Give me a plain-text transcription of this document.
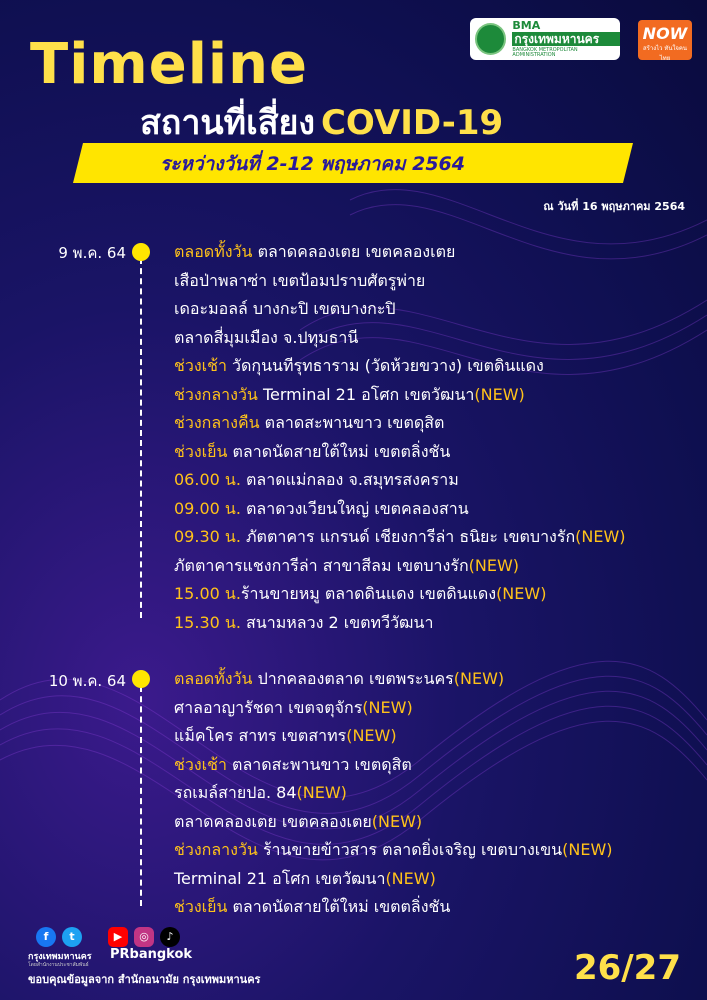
BMA
กรุงเทพมหานคร
BANGKOK METROPOLITAN ADMINISTRATION
NOW
สร้างไว ทันใจคนไทย
Timeline
สถานที่เสี่ยง COVID-19
ระหว่างวันที่ 2-12 พฤษภาคม 2564
ณ วันที่ 16 พฤษภาคม 2564
9 พ.ค. 64	ตลอดทั้งวัน ตลาดคลองเตย เขตคลองเตย
เสือป่าพลาซ่า เขตป้อมปราบศัตรูพ่าย
เดอะมอลล์ บางกะปิ เขตบางกะปิ
ตลาดสี่มุมเมือง จ.ปทุมธานี
ช่วงเช้า วัดกุนนทีรุทธาราม (วัดห้วยขวาง) เขตดินแดง
ช่วงกลางวัน Terminal 21 อโศก เขตวัฒนา(NEW)
ช่วงกลางคืน ตลาดสะพานขาว เขตดุสิต
ช่วงเย็น ตลาดนัดสายใต้ใหม่ เขตตลิ่งชัน
06.00 น. ตลาดแม่กลอง จ.สมุทรสงคราม
09.00 น. ตลาดวงเวียนใหญ่ เขตคลองสาน
09.30 น. ภัตตาคาร แกรนด์ เชียงการีล่า ธนิยะ เขตบางรัก(NEW)
ภัตตาคารแชงการีล่า สาขาสีลม เขตบางรัก(NEW)
15.00 น.ร้านขายหมู ตลาดดินแดง เขตดินแดง(NEW)
15.30 น. สนามหลวง 2 เขตทวีวัฒนา
10 พ.ค. 64	ตลอดทั้งวัน ปากคลองตลาด เขตพระนคร(NEW)
ศาลอาญารัชดา เขตจตุจักร(NEW)
แม็คโคร สาทร เขตสาทร(NEW)
ช่วงเช้า ตลาดสะพานขาว เขตดุสิต
รถเมล์สายปอ. 84(NEW)
ตลาดคลองเตย เขตคลองเตย(NEW)
ช่วงกลางวัน ร้านขายข้าวสาร ตลาดยิ่งเจริญ เขตบางเขน(NEW)
Terminal 21 อโศก เขตวัฒนา(NEW)
ช่วงเย็น ตลาดนัดสายใต้ใหม่ เขตตลิ่งชัน
f	t	▶	◎	♪
กรุงเทพมหานคร
โดยสำนักงานประชาสัมพันธ์
PRbangkok
ขอบคุณข้อมูลจาก สำนักอนามัย กรุงเทพมหานคร	26/27
